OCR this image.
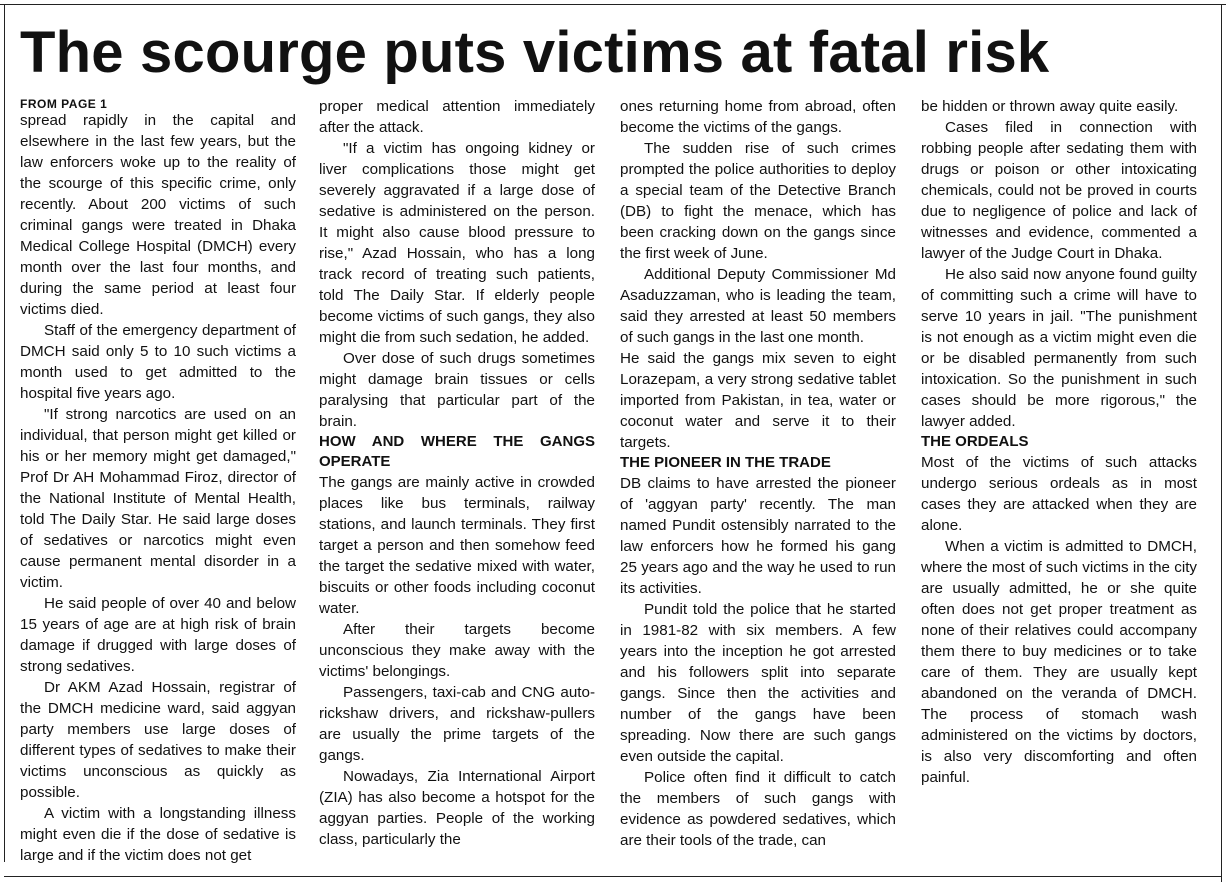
The scourge puts victims at fatal risk
FROM PAGE 1

spread rapidly in the capital and elsewhere in the last few years, but the law enforcers woke up to the reality of the scourge of this specific crime, only recently. About 200 victims of such criminal gangs were treated in Dhaka Medical College Hospital (DMCH) every month over the last four months, and during the same period at least four victims died.

Staff of the emergency department of DMCH said only 5 to 10 such victims a month used to get admitted to the hospital five years ago.

"If strong narcotics are used on an individual, that person might get killed or his or her memory might get damaged," Prof Dr AH Mohammad Firoz, director of the National Institute of Mental Health, told The Daily Star. He said large doses of sedatives or narcotics might even cause permanent mental disorder in a victim.

He said people of over 40 and below 15 years of age are at high risk of brain damage if drugged with large doses of strong sedatives.

Dr AKM Azad Hossain, registrar of the DMCH medicine ward, said aggyan party members use large doses of different types of sedatives to make their victims unconscious as quickly as possible.

A victim with a longstanding illness might even die if the dose of sedative is large and if the victim does not get

proper medical attention immediately after the attack.

"If a victim has ongoing kidney or liver complications those might get severely aggravated if a large dose of sedative is administered on the person. It might also cause blood pressure to rise," Azad Hossain, who has a long track record of treating such patients, told The Daily Star. If elderly people become victims of such gangs, they also might die from such sedation, he added.

Over dose of such drugs sometimes might damage brain tissues or cells paralysing that particular part of the brain.

HOW AND WHERE THE GANGS OPERATE

The gangs are mainly active in crowded places like bus terminals, railway stations, and launch terminals. They first target a person and then somehow feed the target the sedative mixed with water, biscuits or other foods including coconut water.

After their targets become unconscious they make away with the victims' belongings.

Passengers, taxi-cab and CNG auto-rickshaw drivers, and rickshaw-pullers are usually the prime targets of the gangs.

Nowadays, Zia International Airport (ZIA) has also become a hotspot for the aggyan parties. People of the working class, particularly the

ones returning home from abroad, often become the victims of the gangs.

The sudden rise of such crimes prompted the police authorities to deploy a special team of the Detective Branch (DB) to fight the menace, which has been cracking down on the gangs since the first week of June.

Additional Deputy Commissioner Md Asaduzzaman, who is leading the team, said they arrested at least 50 members of such gangs in the last one month.

He said the gangs mix seven to eight Lorazepam, a very strong sedative tablet imported from Pakistan, in tea, water or coconut water and serve it to their targets.

THE PIONEER IN THE TRADE

DB claims to have arrested the pioneer of 'aggyan party' recently. The man named Pundit ostensibly narrated to the law enforcers how he formed his gang 25 years ago and the way he used to run its activities.

Pundit told the police that he started in 1981-82 with six members. A few years into the inception he got arrested and his followers split into separate gangs. Since then the activities and number of the gangs have been spreading. Now there are such gangs even outside the capital.

Police often find it difficult to catch the members of such gangs with evidence as powdered sedatives, which are their tools of the trade, can

be hidden or thrown away quite easily.

Cases filed in connection with robbing people after sedating them with drugs or poison or other intoxicating chemicals, could not be proved in courts due to negligence of police and lack of witnesses and evidence, commented a lawyer of the Judge Court in Dhaka.

He also said now anyone found guilty of committing such a crime will have to serve 10 years in jail. "The punishment is not enough as a victim might even die or be disabled permanently from such intoxication. So the punishment in such cases should be more rigorous," the lawyer added.

THE ORDEALS

Most of the victims of such attacks undergo serious ordeals as in most cases they are attacked when they are alone.

When a victim is admitted to DMCH, where the most of such victims in the city are usually admitted, he or she quite often does not get proper treatment as none of their relatives could accompany them there to buy medicines or to take care of them. They are usually kept abandoned on the veranda of DMCH. The process of stomach wash administered on the victims by doctors, is also very discomforting and often painful.
